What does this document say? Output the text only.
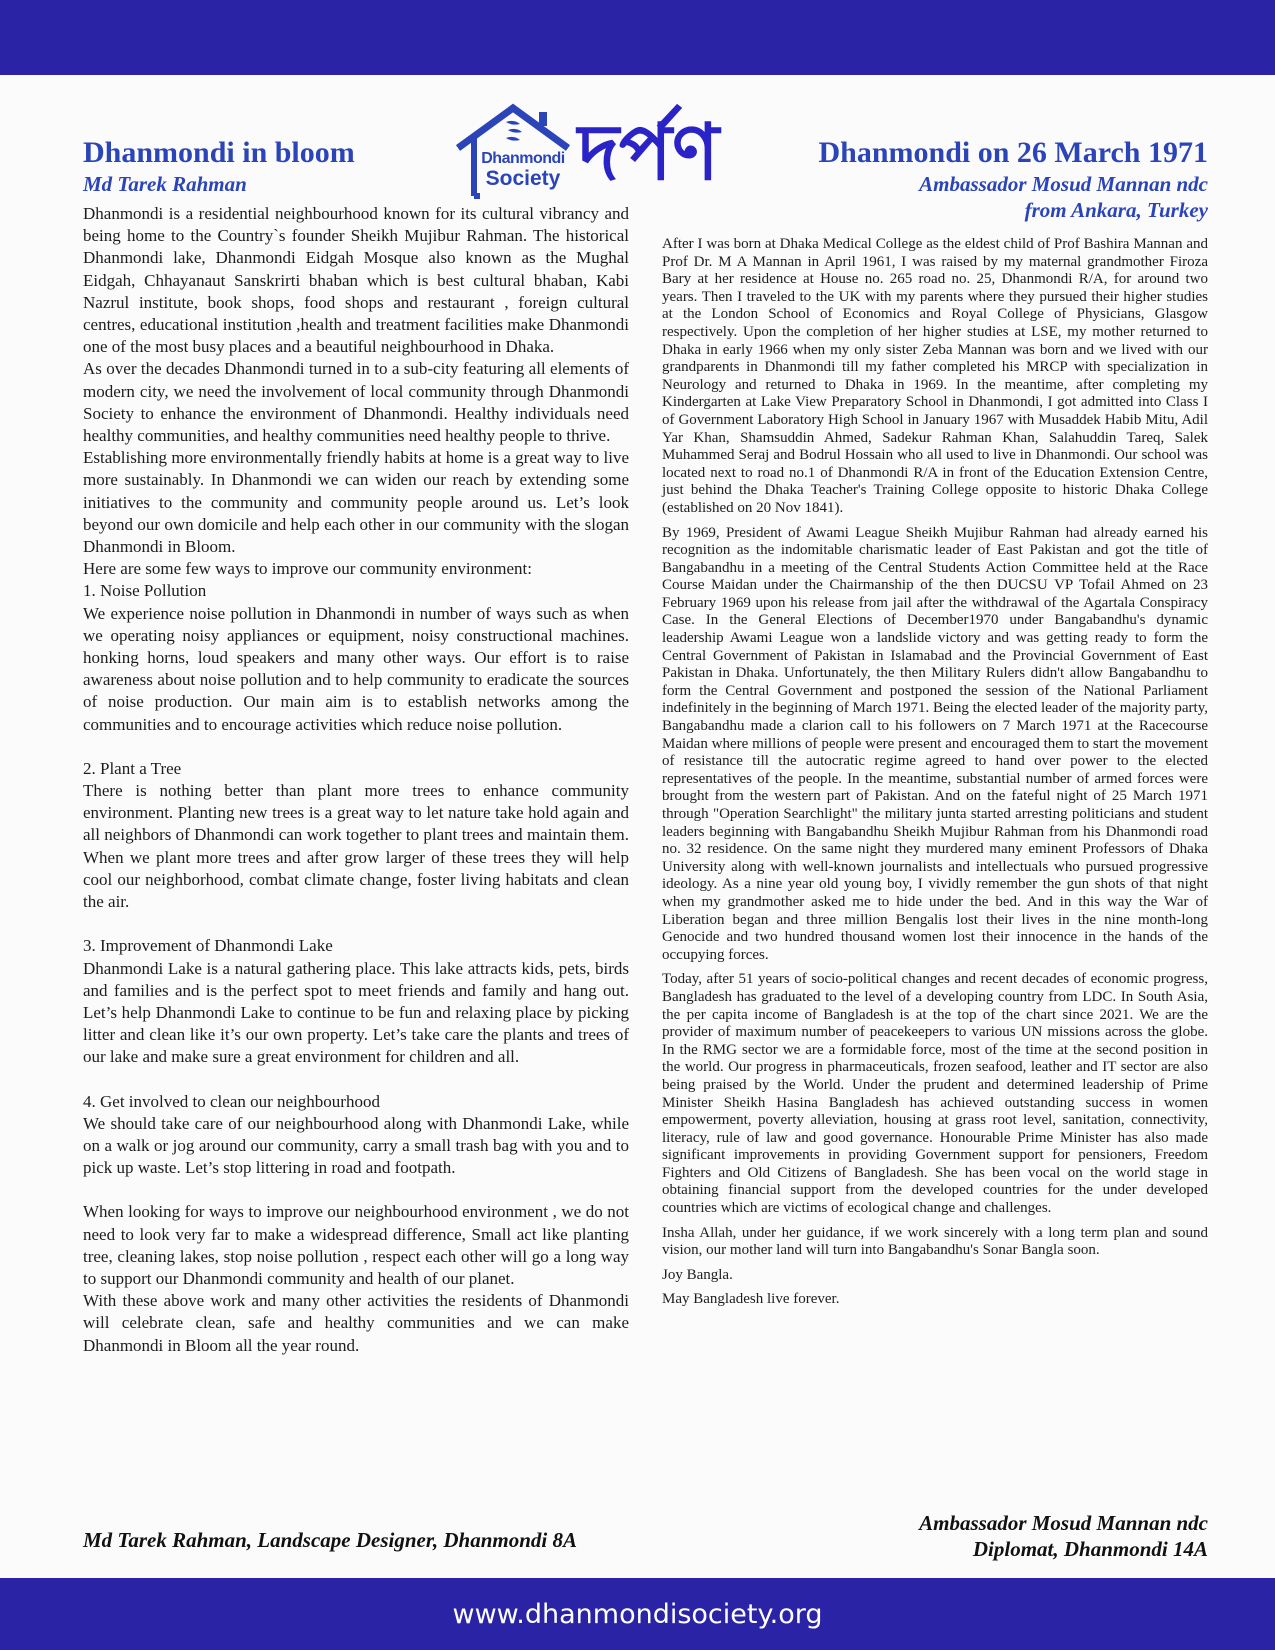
Dhanmondi
Society দর্পণ
Dhanmondi in bloom
Md Tarek Rahman

Dhanmondi is a residential neighbourhood known for its cultural vibrancy and being home to the Country`s founder Sheikh Mujibur Rahman. The historical Dhanmondi lake, Dhanmondi Eidgah Mosque also known as the Mughal Eidgah, Chhayanaut Sanskrirti bhaban which is best cultural bhaban, Kabi Nazrul institute, book shops, food shops and restaurant , foreign cultural centres, educational institution ,health and treatment facilities make Dhanmondi one of the most busy places and a beautiful neighbourhood in Dhaka.

As over the decades Dhanmondi turned in to a sub-city featuring all elements of modern city, we need the involvement of local community through Dhanmondi Society to enhance the environment of Dhanmondi. Healthy individuals need healthy communities, and healthy communities need healthy people to thrive.

Establishing more environmentally friendly habits at home is a great way to live more sustainably. In Dhanmondi we can widen our reach by extending some initiatives to the community and community people around us. Let’s look beyond our own domicile and help each other in our community with the slogan Dhanmondi in Bloom.

Here are some few ways to improve our community environment:

1. Noise Pollution

We experience noise pollution in Dhanmondi in number of ways such as when we operating noisy appliances or equipment, noisy constructional machines. honking horns, loud speakers and many other ways. Our effort is to raise awareness about noise pollution and to help community to eradicate the sources of noise production. Our main aim is to establish networks among the communities and to encourage activities which reduce noise pollution.

2. Plant a Tree

There is nothing better than plant more trees to enhance community environment. Planting new trees is a great way to let nature take hold again and all neighbors of Dhanmondi can work together to plant trees and maintain them. When we plant more trees and after grow larger of these trees they will help cool our neighborhood, combat climate change, foster living habitats and clean the air.

3. Improvement of Dhanmondi Lake

Dhanmondi Lake is a natural gathering place. This lake attracts kids, pets, birds and families and is the perfect spot to meet friends and family and hang out. Let’s help Dhanmondi Lake to continue to be fun and relaxing place by picking litter and clean like it’s our own property. Let’s take care the plants and trees of our lake and make sure a great environment for children and all.

4. Get involved to clean our neighbourhood

We should take care of our neighbourhood along with Dhanmondi Lake, while on a walk or jog around our community, carry a small trash bag with you and to pick up waste. Let’s stop littering in road and footpath.

When looking for ways to improve our neighbourhood environment , we do not need to look very far to make a widespread difference, Small act like planting tree, cleaning lakes, stop noise pollution , respect each other will go a long way to support our Dhanmondi community and health of our planet.

With these above work and many other activities the residents of Dhanmondi will celebrate clean, safe and healthy communities and we can make Dhanmondi in Bloom all the year round.

Dhanmondi on 26 March 1971
Ambassador Mosud Mannan ndc
from Ankara, Turkey

After I was born at Dhaka Medical College as the eldest child of Prof Bashira Mannan and Prof Dr. M A Mannan in April 1961, I was raised by my maternal grandmother Firoza Bary at her residence at House no. 265 road no. 25, Dhanmondi R/A, for around two years. Then I traveled to the UK with my parents where they pursued their higher studies at the London School of Economics and Royal College of Physicians, Glasgow respectively. Upon the completion of her higher studies at LSE, my mother returned to Dhaka in early 1966 when my only sister Zeba Mannan was born and we lived with our grandparents in Dhanmondi till my father completed his MRCP with specialization in Neurology and returned to Dhaka in 1969. In the meantime, after completing my Kindergarten at Lake View Preparatory School in Dhanmondi, I got admitted into Class I of Government Laboratory High School in January 1967 with Musaddek Habib Mitu, Adil Yar Khan, Shamsuddin Ahmed, Sadekur Rahman Khan, Salahuddin Tareq, Salek Muhammed Seraj and Bodrul Hossain who all used to live in Dhanmondi. Our school was located next to road no.1 of Dhanmondi R/A in front of the Education Extension Centre, just behind the Dhaka Teacher's Training College opposite to historic Dhaka College (established on 20 Nov 1841).

By 1969, President of Awami League Sheikh Mujibur Rahman had already earned his recognition as the indomitable charismatic leader of East Pakistan and got the title of Bangabandhu in a meeting of the Central Students Action Committee held at the Race Course Maidan under the Chairmanship of the then DUCSU VP Tofail Ahmed on 23 February 1969 upon his release from jail after the withdrawal of the Agartala Conspiracy Case. In the General Elections of December1970 under Bangabandhu's dynamic leadership Awami League won a landslide victory and was getting ready to form the Central Government of Pakistan in Islamabad and the Provincial Government of East Pakistan in Dhaka. Unfortunately, the then Military Rulers didn't allow Bangabandhu to form the Central Government and postponed the session of the National Parliament indefinitely in the beginning of March 1971. Being the elected leader of the majority party, Bangabandhu made a clarion call to his followers on 7 March 1971 at the Racecourse Maidan where millions of people were present and encouraged them to start the movement of resistance till the autocratic regime agreed to hand over power to the elected representatives of the people. In the meantime, substantial number of armed forces were brought from the western part of Pakistan. And on the fateful night of 25 March 1971 through "Operation Searchlight" the military junta started arresting politicians and student leaders beginning with Bangabandhu Sheikh Mujibur Rahman from his Dhanmondi road no. 32 residence. On the same night they murdered many eminent Professors of Dhaka University along with well-known journalists and intellectuals who pursued progressive ideology. As a nine year old young boy, I vividly remember the gun shots of that night when my grandmother asked me to hide under the bed. And in this way the War of Liberation began and three million Bengalis lost their lives in the nine month-long Genocide and two hundred thousand women lost their innocence in the hands of the occupying forces.

Today, after 51 years of socio-political changes and recent decades of economic progress, Bangladesh has graduated to the level of a developing country from LDC. In South Asia, the per capita income of Bangladesh is at the top of the chart since 2021. We are the provider of maximum number of peacekeepers to various UN missions across the globe. In the RMG sector we are a formidable force, most of the time at the second position in the world. Our progress in pharmaceuticals, frozen seafood, leather and IT sector are also being praised by the World. Under the prudent and determined leadership of Prime Minister Sheikh Hasina Bangladesh has achieved outstanding success in women empowerment, poverty alleviation, housing at grass root level, sanitation, connectivity, literacy, rule of law and good governance. Honourable Prime Minister has also made significant improvements in providing Government support for pensioners, Freedom Fighters and Old Citizens of Bangladesh. She has been vocal on the world stage in obtaining financial support from the developed countries for the under developed countries which are victims of ecological change and challenges.

Insha Allah, under her guidance, if we work sincerely with a long term plan and sound vision, our mother land will turn into Bangabandhu's Sonar Bangla soon.

Joy Bangla.

May Bangladesh live forever.

Md Tarek Rahman, Landscape Designer, Dhanmondi 8A
Ambassador Mosud Mannan ndc
Diplomat, Dhanmondi 14A
www.dhanmondisociety.org
